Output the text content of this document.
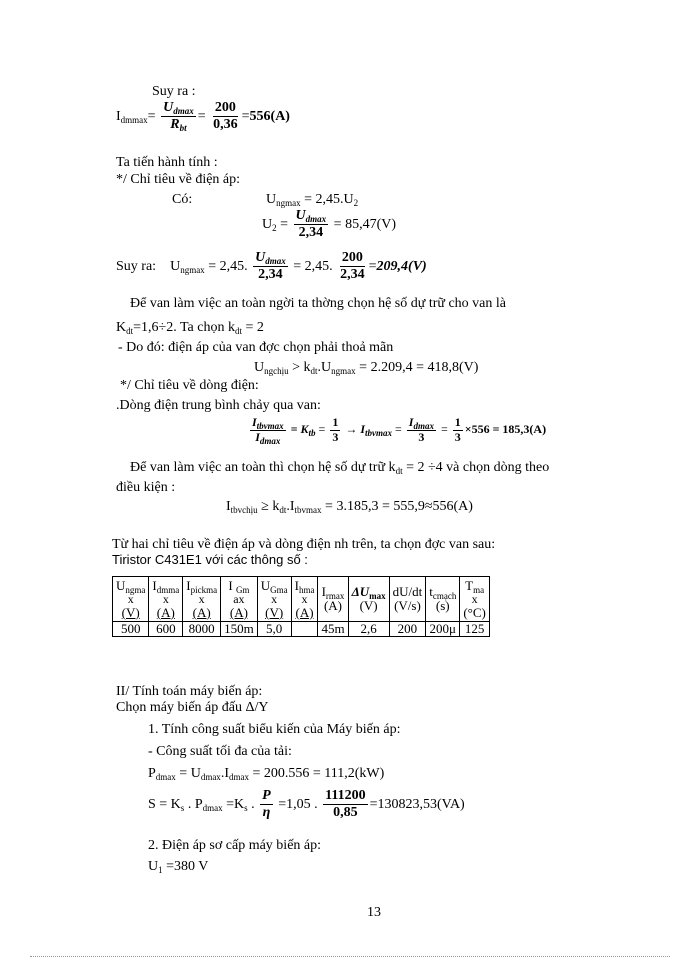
Suy ra :
$I_{dmmax}= \frac{U_{dmax}}{R_{bt}} = \frac{200}{0,36} =556(A)$
Ta tiến hành tính :
*/ Chỉ tiêu về điện áp:
Có:	$U_{ngmax} = 2,45.U_2$
$U_2 = \frac{U_{dmax}}{2,34} = 85,47(V)$
Suy ra: $U_{ngmax} = 2,45$. $\frac{U_{dmax}}{2,34} = 2,45$. $\frac{200}{2,34} =209,4(V)$
Để van làm việc an toàn ngời ta thờng chọn hệ số dự trữ cho van là
$K_{dt}=1,6\div 2$. Ta chọn $k_{dt} = 2$
- Do đó: điện áp của van đợc chọn phải thoả mãn
$U_{ngchịu} > k_{dt}.U_{ngmax} = 2.209,4 = 418,8(V)$
*/ Chỉ tiêu về dòng điện:
.Dòng điện trung bình chảy qua van:
$\frac{I_{tbvmax}}{I_{dmax}} = K_{tb} = \frac{1}{3} \to I_{tbvmax} = \frac{I_{dmax}}{3} = \frac{1}{3} \times 556 = 185,3(A)$
Để van làm việc an toàn thì chọn hệ số dự trữ $k_{dt} = 2 \div 4$ và chọn dòng theo
điều kiện :
$I_{tbvchịu} \ge k_{dt}.I_{tbvmax} = 3.185,3 = 555,9\approx 556(A)$
Từ hai chỉ tiêu về điện áp và dòng điện nh trên, ta chọn đợc van sau:
Tiristor C431E1 với các thông số :
$U_{ngma}$
x
(V)	$I_{dmma}$
x
(A)	$I_{pickma}$
x
(A)	I $_{Gm}$
ax
(A)	$U_{Gma}$
x
(V)	$I_{hma}$
x
(A)	$I_{rmax}$
(A)	$\Delta U_{max}$
(V)	dU/dt
(V/s)	$t_{cmạch}$
(s)	$T_{ma}$
x
(°C)
500	600	8000	150m	5,0		45m	2,6	200	200μ	125
II/ Tính toán máy biến áp:
Chọn máy biến áp đấu Δ/Y
1. Tính công suất biểu kiến của Máy biến áp:
- Công suất tối đa của tải:
$P_{dmax} = U_{dmax}.I_{dmax} = 200.556 = 111,2(kW)$
$S = K_s$ . $P_{dmax} =K_s$ . $\frac{P}{\eta} =1,05$ . $\frac{111200}{0,85} =130823,53(VA)$
2. Điện áp sơ cấp máy biến áp:
$U_1 =380$ V
13
